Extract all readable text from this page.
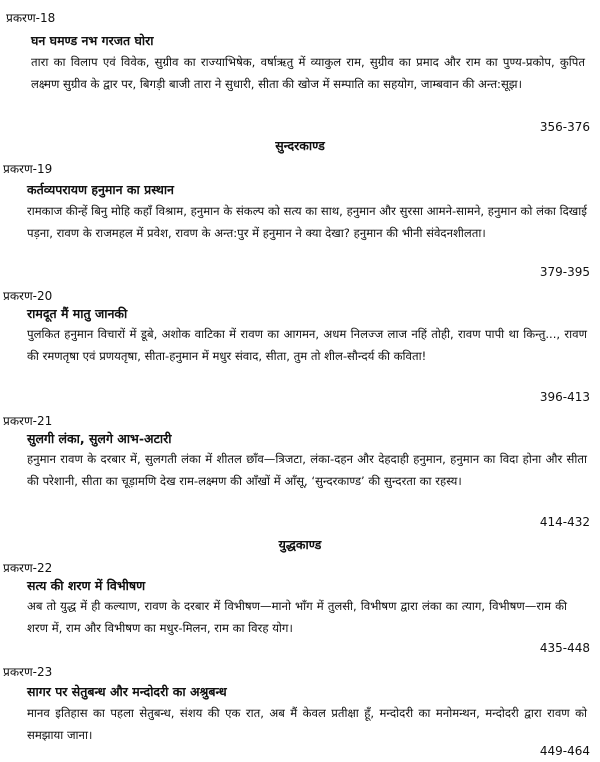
प्रकरण-18
घन घमण्ड नभ गरजत घोरा
तारा का विलाप एवं विवेक, सुग्रीव का राज्याभिषेक, वर्षाऋतु में व्याकुल राम, सुग्रीव का प्रमाद और राम का पुण्य-प्रकोप, कुपित लक्ष्मण सुग्रीव के द्वार पर, बिगड़ी बाजी तारा ने सुधारी, सीता की खोज में सम्पाति का सहयोग, जाम्बवान की अन्त:सूझ।
356-376
सुन्दरकाण्ड
प्रकरण-19
कर्तव्यपरायण हनुमान का प्रस्थान
रामकाज कीन्हें बिनु मोहि कहाँ विश्राम, हनुमान के संकल्प को सत्य का साथ, हनुमान और सुरसा आमने-सामने, हनुमान को लंका दिखाई पड़ना, रावण के राजमहल में प्रवेश, रावण के अन्त:पुर में हनुमान ने क्या देखा? हनुमान की भीनी संवेदनशीलता।
379-395
प्रकरण-20
रामदूत मैं मातु जानकी
पुलकित हनुमान विचारों में डूबे, अशोक वाटिका में रावण का आगमन, अधम निलज्ज लाज नहिं तोही, रावण पापी था किन्तु..., रावण की रमणतृषा एवं प्रणयतृषा, सीता-हनुमान में मधुर संवाद, सीता, तुम तो शील-सौन्दर्य की कविता!
396-413
प्रकरण-21
सुलगी लंका, सुलगे आभ-अटारी
हनुमान रावण के दरबार में, सुलगती लंका में शीतल छाँव—त्रिजटा, लंका-दहन और देहदाही हनुमान, हनुमान का विदा होना और सीता की परेशानी, सीता का चूड़ामणि देख राम-लक्ष्मण की आँखों में आँसू, ‘सुन्दरकाण्ड’ की सुन्दरता का रहस्य।
414-432
युद्धकाण्ड
प्रकरण-22
सत्य की शरण में विभीषण
अब तो युद्ध में ही कल्याण, रावण के दरबार में विभीषण—मानो भाँग में तुलसी, विभीषण द्वारा लंका का त्याग, विभीषण—राम की शरण में, राम और विभीषण का मधुर-मिलन, राम का विरह योग।
435-448
प्रकरण-23
सागर पर सेतुबन्ध और मन्दोदरी का अश्रुबन्ध
मानव इतिहास का पहला सेतुबन्ध, संशय की एक रात, अब मैं केवल प्रतीक्षा हूँ, मन्दोदरी का मनोमन्थन, मन्दोदरी द्वारा रावण को समझाया जाना।
449-464
